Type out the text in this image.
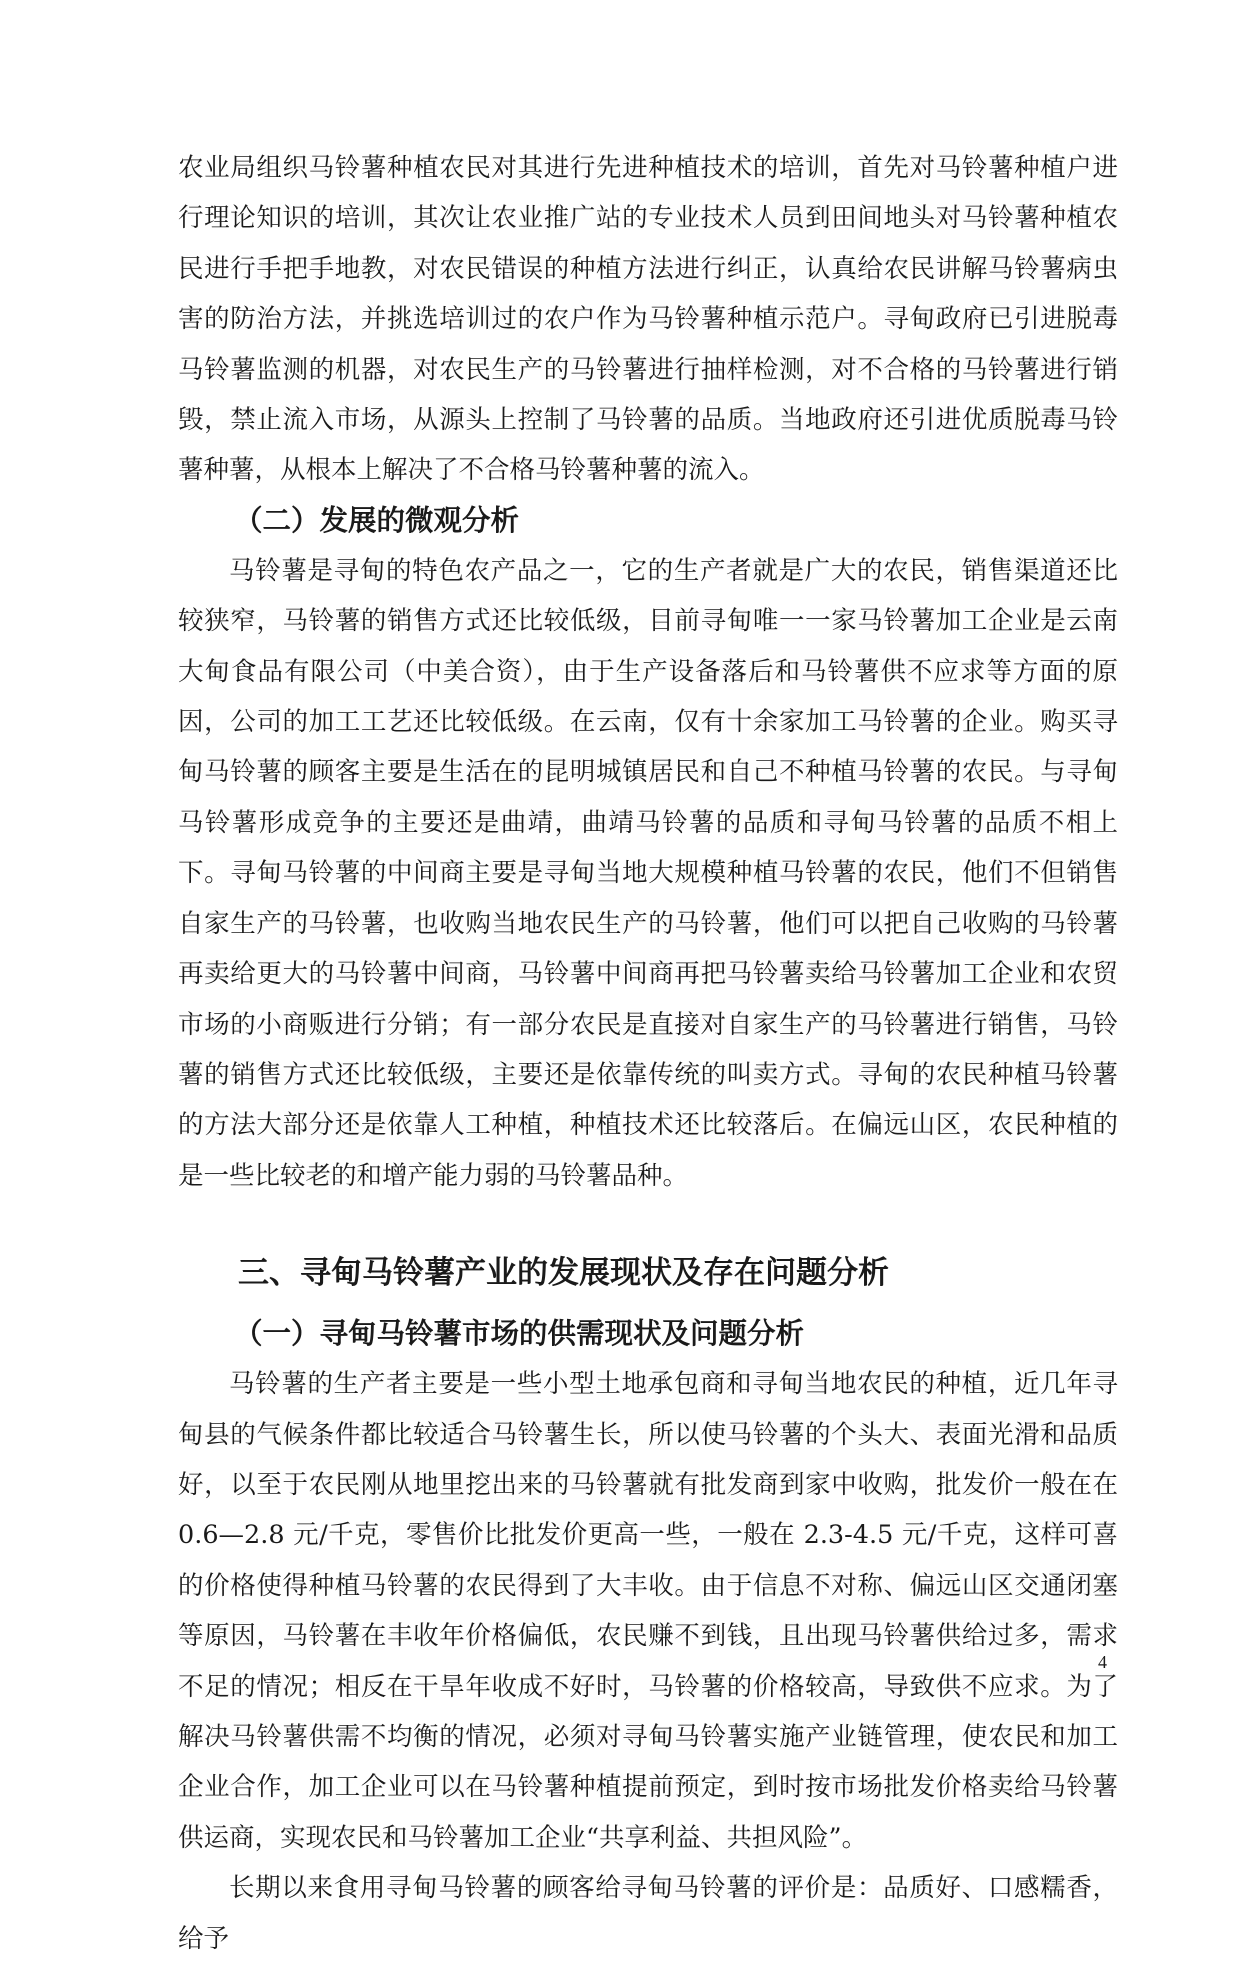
农业局组织马铃薯种植农民对其进行先进种植技术的培训，首先对马铃薯种植户进行理论知识的培训，其次让农业推广站的专业技术人员到田间地头对马铃薯种植农民进行手把手地教，对农民错误的种植方法进行纠正，认真给农民讲解马铃薯病虫害的防治方法，并挑选培训过的农户作为马铃薯种植示范户。寻甸政府已引进脱毒马铃薯监测的机器，对农民生产的马铃薯进行抽样检测，对不合格的马铃薯进行销毁，禁止流入市场，从源头上控制了马铃薯的品质。当地政府还引进优质脱毒马铃薯种薯，从根本上解决了不合格马铃薯种薯的流入。

（二）发展的微观分析

马铃薯是寻甸的特色农产品之一，它的生产者就是广大的农民，销售渠道还比较狭窄，马铃薯的销售方式还比较低级，目前寻甸唯一一家马铃薯加工企业是云南大甸食品有限公司（中美合资），由于生产设备落后和马铃薯供不应求等方面的原因，公司的加工工艺还比较低级。在云南，仅有十余家加工马铃薯的企业。购买寻甸马铃薯的顾客主要是生活在的昆明城镇居民和自己不种植马铃薯的农民。与寻甸马铃薯形成竞争的主要还是曲靖，曲靖马铃薯的品质和寻甸马铃薯的品质不相上下。寻甸马铃薯的中间商主要是寻甸当地大规模种植马铃薯的农民，他们不但销售自家生产的马铃薯，也收购当地农民生产的马铃薯，他们可以把自己收购的马铃薯再卖给更大的马铃薯中间商，马铃薯中间商再把马铃薯卖给马铃薯加工企业和农贸市场的小商贩进行分销；有一部分农民是直接对自家生产的马铃薯进行销售，马铃薯的销售方式还比较低级，主要还是依靠传统的叫卖方式。寻甸的农民种植马铃薯的方法大部分还是依靠人工种植，种植技术还比较落后。在偏远山区，农民种植的是一些比较老的和增产能力弱的马铃薯品种。

三、寻甸马铃薯产业的发展现状及存在问题分析
（一）寻甸马铃薯市场的供需现状及问题分析

马铃薯的生产者主要是一些小型土地承包商和寻甸当地农民的种植，近几年寻甸县的气候条件都比较适合马铃薯生长，所以使马铃薯的个头大、表面光滑和品质好，以至于农民刚从地里挖出来的马铃薯就有批发商到家中收购，批发价一般在在 0.6—2.8 元/千克，零售价比批发价更高一些，一般在 2.3-4.5 元/千克，这样可喜的价格使得种植马铃薯的农民得到了大丰收。由于信息不对称、偏远山区交通闭塞等原因，马铃薯在丰收年价格偏低，农民赚不到钱，且出现马铃薯供给过多，需求不足的情况；相反在干旱年收成不好时，马铃薯的价格较高，导致供不应求。为了解决马铃薯供需不均衡的情况，必须对寻甸马铃薯实施产业链管理，使农民和加工企业合作，加工企业可以在马铃薯种植提前预定，到时按市场批发价格卖给马铃薯供运商，实现农民和马铃薯加工企业“共享利益、共担风险”。

长期以来食用寻甸马铃薯的顾客给寻甸马铃薯的评价是：品质好、口感糯香，给予

4
